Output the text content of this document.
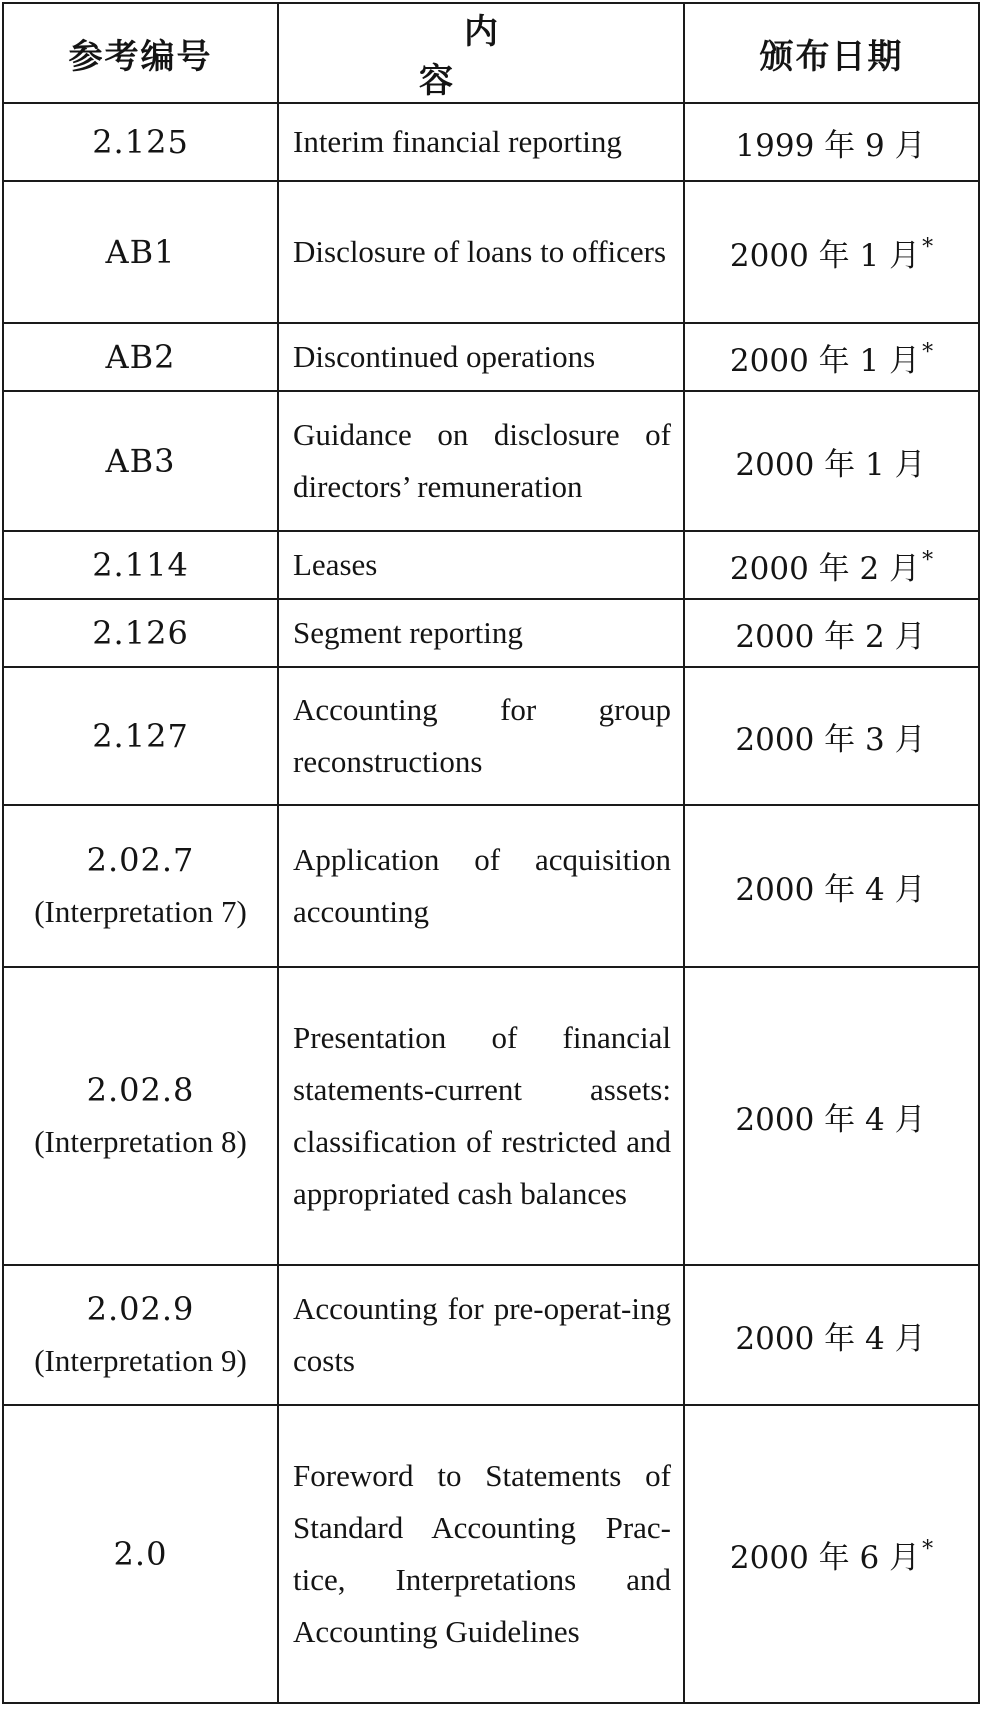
参考编号	内 容	颁布日期

2.125	Interim financial reporting	1999 年 9 月

AB1	Disclosure of loans to officers	2000 年 1 月*

AB2	Discontinued operations	2000 年 1 月*

AB3	Guidance on disclosure of directors’ remuneration	2000 年 1 月

2.114	Leases	2000 年 2 月*

2.126	Segment reporting	2000 年 2 月

2.127	Accounting for group reconstructions	2000 年 3 月

2.02.7
(Interpretation 7)	Application of acquisition accounting	2000 年 4 月

2.02.8
(Interpretation 8)	Presentation of financial statements-current assets: classification of restricted and appropriated cash balances	2000 年 4 月

2.02.9
(Interpretation 9)	Accounting for pre-operat-ing costs	2000 年 4 月

2.0	Foreword to Statements of Standard Accounting Prac-tice, Interpretations and Accounting Guidelines	2000 年 6 月*
